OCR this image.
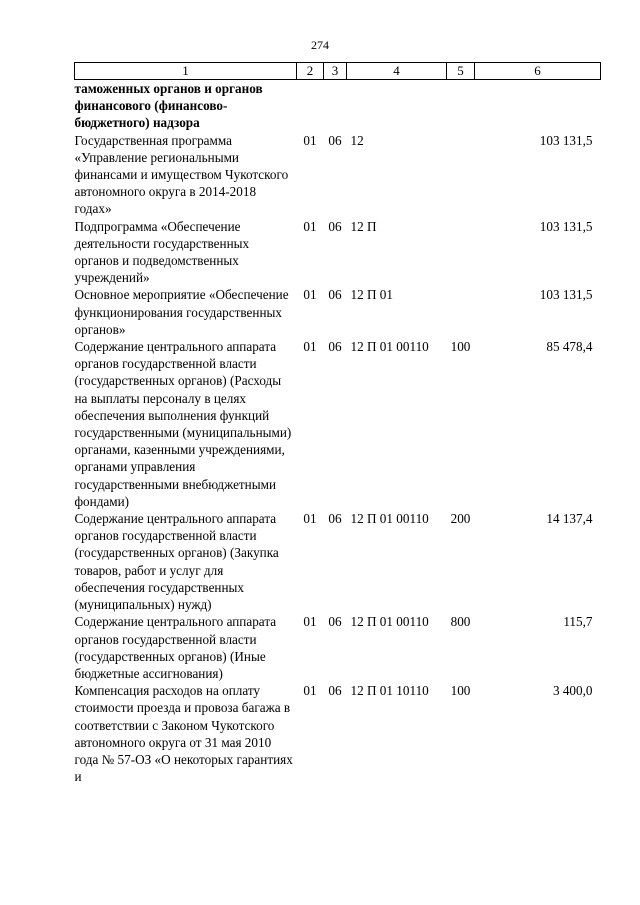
274
1	2	3	4	5	6
таможенных органов и органов финансового (финансово-бюджетного) надзора					
Государственная программа «Управление региональными финансами и имуществом Чукотского автономного округа в 2014-2018 годах»	01	06	12		103 131,5
Подпрограмма «Обеспечение деятельности государственных органов и подведомственных учреждений»	01	06	12 П		103 131,5
Основное мероприятие «Обеспечение функционирования государственных органов»	01	06	12 П 01		103 131,5
Содержание центрального аппарата органов государственной власти (государственных органов) (Расходы на выплаты персоналу в целях обеспечения выполнения функций государственными (муниципальными) органами, казенными учреждениями, органами управления государственными внебюджетными фондами)	01	06	12 П 01 00110	100	85 478,4
Содержание центрального аппарата органов государственной власти (государственных органов) (Закупка товаров, работ и услуг для обеспечения государственных (муниципальных) нужд)	01	06	12 П 01 00110	200	14 137,4
Содержание центрального аппарата органов государственной власти (государственных органов) (Иные бюджетные ассигнования)	01	06	12 П 01 00110	800	115,7
Компенсация расходов на оплату стоимости проезда и провоза багажа в соответствии с Законом Чукотского автономного округа от 31 мая 2010 года № 57-ОЗ «О некоторых гарантиях и	01	06	12 П 01 10110	100	3 400,0
